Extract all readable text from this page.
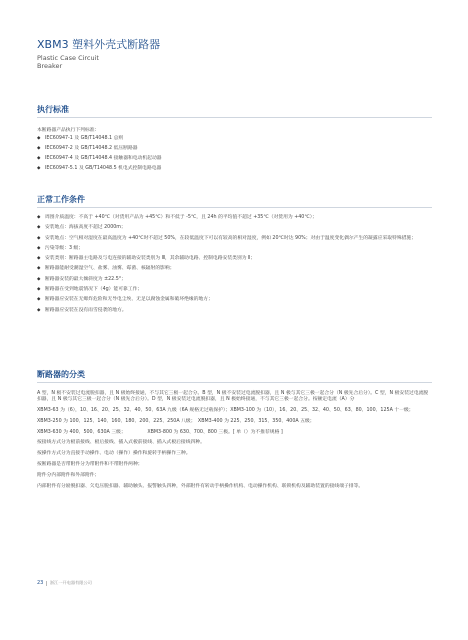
XBM3 塑料外壳式断路器
Plastic Case Circuit
Breaker
执行标准
本断路器产品执行下列标准：
◆ IEC60947-1 及 GB/T14048.1 总则
◆ IEC60947-2 及 GB/T14048.2 低压断路器
◆ IEC60947-4 及 GB/T14048.4 接触器和电动机起动器
◆ IEC60947-5.1 及 GB/T14048.5 机电式控制电路电器
正常工作条件
◆ 周围介质温度：不高于 +40℃（对货用产品为 +45℃）和不低于 -5℃，且 24h 的平均值不超过 +35℃（对货用为 +40℃）；
◆ 安装地点：海拔高度不超过 2000m；
◆ 安装地点：空气相对湿度在最高温度为 +40℃时不超过 50%，在较低温度下可以有较高的相对湿度，例如 20℃时达 90%；对由于温度变化偶尔产生的凝露应采取特殊措施；
◆ 污染等级：3 级；
◆ 安装类别：断路器主电路及与电连接的辅助安装类别为 Ⅲ，其余辅助电路、控制电路安装类别为 Ⅱ；
◆ 断路器能耐受潮湿空气、盐雾、油雾、霉菌、核辐射的影响；
◆ 断路器安装的最大倾斜度为 ±22.5°；
◆ 断路器在受到地震情况下（4g）能可靠工作；
◆ 断路器应安装在无爆炸危险和无导电尘埃、无足以腐蚀金属和破坏绝缘的地方；
◆ 断路器应安装在没有雨雪侵袭的地方。
断路器的分类

A 型，N 极不安装过电流脱扣器，且 N 极始终接通，不与其它三极一起合分。B 型，N 极不安装过电流脱扣器，且 N 极与其它三极一起合分（N 极先合后分）。C 型，N 极安装过电流脱扣器，且 N 极与其它三极一起合分（N 极先合后分）。D 型，N 极安装过电流脱扣器，且 N 极始终接通，不与其它三极一起合分。按额定电流（A）分

XBM3-63 为（6），10、16、20、25、32、40、50、63A 九级（6A 规格无过载保护）；XBM3-100 为（10），16、20、25、32、40、50、63、80、100、125A 十一级；

XBM3-250 为 100、125、140、160、180、200、225、250A 八级；　XBM3-400 为 225、250、315、350、400A 五级；

XBM3-630 为 400、500、630A 三级；　　　　　XBM3-800 为 630、700、800 三极。[ 单（）为不推荐规格 ]

按接线方式分为板前接线、板后接线、插入式板前接线、插入式板后接线四种。

按操作方式分为直接手动操作、电动（操作）操作和旋转手柄操作三种。

按断路器是否带附件分为带附件和不带附件两种；

附件分内部附件和外部附件；

内部附件有分励脱扣器、欠电压脱扣器、辅助触头、报警触头四种，外部附件有转动手柄操作机构、电动操作机构、联锁机构及辅助装置的接线端子排等。

23 浙江一开电器有限公司
